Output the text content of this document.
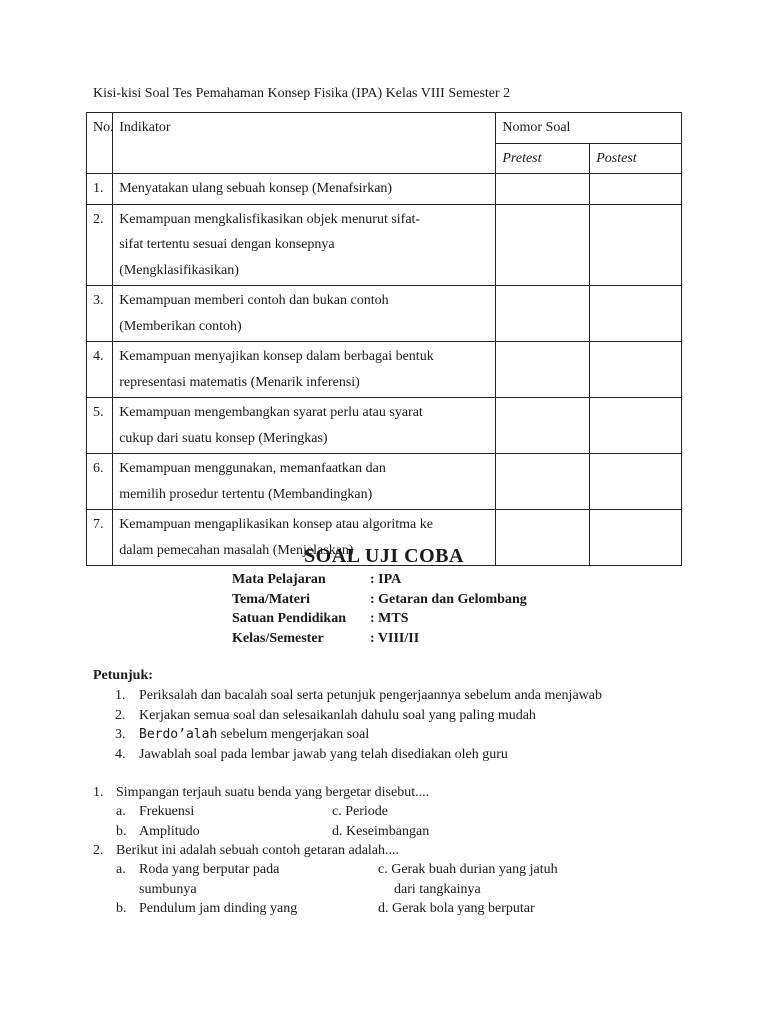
Kisi-kisi Soal Tes Pemahaman Konsep Fisika (IPA) Kelas VIII Semester 2
No.	Indikator	Nomor Soal	
		Pretest	Postest
1.	Menyatakan ulang sebuah konsep (Menafsirkan)		

2.	Kemampuan mengkalisfikasikan objek menurut sifat-
sifat tertentu sesuai dengan konsepnya
(Mengklasifikasikan)		

3.	Kemampuan memberi contoh dan bukan contoh
(Memberikan contoh)		

4.	Kemampuan menyajikan konsep dalam berbagai bentuk
representasi matematis (Menarik inferensi)		

5.	Kemampuan mengembangkan syarat perlu atau syarat
cukup dari suatu konsep (Meringkas)		

6.	Kemampuan menggunakan, memanfaatkan dan
memilih prosedur tertentu (Membandingkan)		

7.	Kemampuan mengaplikasikan konsep atau algoritma ke
dalam pemecahan masalah (Menjelaskan)		

SOAL UJI COBA
Mata Pelajaran	: IPA
Tema/Materi	: Getaran dan Gelombang
Satuan Pendidikan	: MTS
Kelas/Semester	: VIII/II
Petunjuk:
1. Periksalah dan bacalah soal serta petunjuk pengerjaannya sebelum anda menjawab
2. Kerjakan semua soal dan selesaikanlah dahulu soal yang paling mudah
3.	Berdo’alah sebelum mengerjakan soal
4. Jawablah soal pada lembar jawab yang telah disediakan oleh guru
1. Simpangan terjauh suatu benda yang bergetar disebut....
a. Frekuensi	c. Periode
b. Amplitudo	d. Keseimbangan
2. Berikut ini adalah sebuah contoh getaran adalah....
a. Roda yang berputar pada
sumbunya
c. Gerak buah durian yang jatuh
dari tangkainya
b. Pendulum jam dinding yang	d. Gerak bola yang berputar
